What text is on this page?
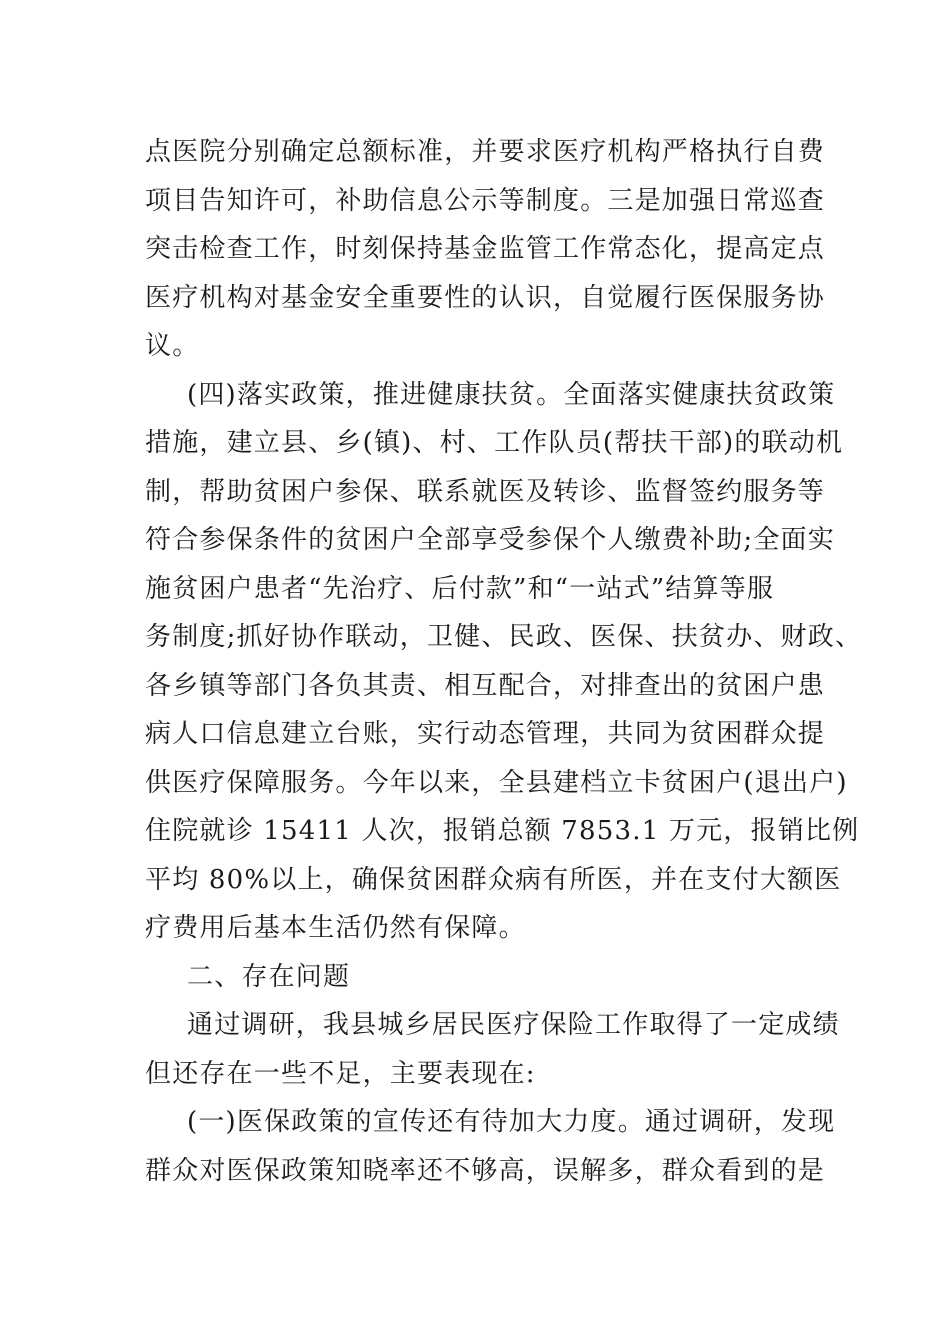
点医院分别确定总额标准，并要求医疗机构严格执行自费
项目告知许可，补助信息公示等制度。三是加强日常巡查
突击检查工作，时刻保持基金监管工作常态化，提高定点
医疗机构对基金安全重要性的认识，自觉履行医保服务协
议。
(四)落实政策，推进健康扶贫。全面落实健康扶贫政策
措施，建立县、乡(镇)、村、工作队员(帮扶干部)的联动机
制，帮助贫困户参保、联系就医及转诊、监督签约服务等
符合参保条件的贫困户全部享受参保个人缴费补助;全面实
施贫困户患者“先治疗、后付款”和“一站式”结算等服
务制度;抓好协作联动，卫健、民政、医保、扶贫办、财政、
各乡镇等部门各负其责、相互配合，对排查出的贫困户患
病人口信息建立台账，实行动态管理，共同为贫困群众提
供医疗保障服务。今年以来，全县建档立卡贫困户(退出户)
住院就诊 15411 人次，报销总额 7853.1 万元，报销比例
平均 80%以上，确保贫困群众病有所医，并在支付大额医
疗费用后基本生活仍然有保障。
二、存在问题
通过调研，我县城乡居民医疗保险工作取得了一定成绩
但还存在一些不足，主要表现在:
(一)医保政策的宣传还有待加大力度。通过调研，发现
群众对医保政策知晓率还不够高，误解多，群众看到的是
